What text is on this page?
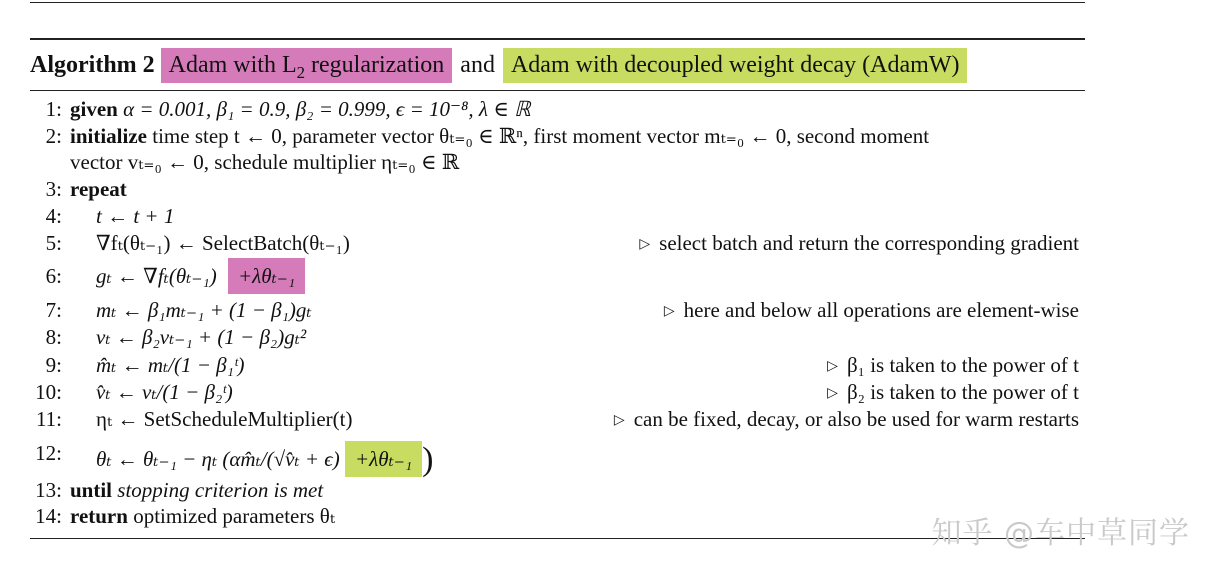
Algorithm 2 Adam with $L_2$ regularization and Adam with decoupled weight decay (AdamW)
1: given α = 0.001, β₁ = 0.9, β₂ = 0.999, ϵ = 10⁻⁸, λ ∈ ℝ
2: initialize time step t ← 0, parameter vector θₜ₌₀ ∈ ℝⁿ, first moment vector mₜ₌₀ ← 0, second moment
vector vₜ₌₀ ← 0, schedule multiplier ηₜ₌₀ ∈ ℝ
3: repeat
4: t ← t + 1
5: ∇fₜ(θₜ₋₁) ← SelectBatch(θₜ₋₁)	▷ select batch and return the corresponding gradient
6: gₜ ← ∇fₜ(θₜ₋₁) +λθₜ₋₁
7: mₜ ← β₁mₜ₋₁ + (1 − β₁)gₜ	▷ here and below all operations are element-wise
8: vₜ ← β₂vₜ₋₁ + (1 − β₂)gₜ²
9: m̂ₜ ← mₜ/(1 − β₁ᵗ)	▷ β₁ is taken to the power of t
10: v̂ₜ ← vₜ/(1 − β₂ᵗ)	▷ β₂ is taken to the power of t
11: ηₜ ← SetScheduleMultiplier(t)	▷ can be fixed, decay, or also be used for warm restarts
12: θₜ ← θₜ₋₁ − ηₜ (αm̂ₜ/(√v̂ₜ + ϵ) +λθₜ₋₁ )
13: until stopping criterion is met
14: return optimized parameters θₜ	知乎 @车中草同学
